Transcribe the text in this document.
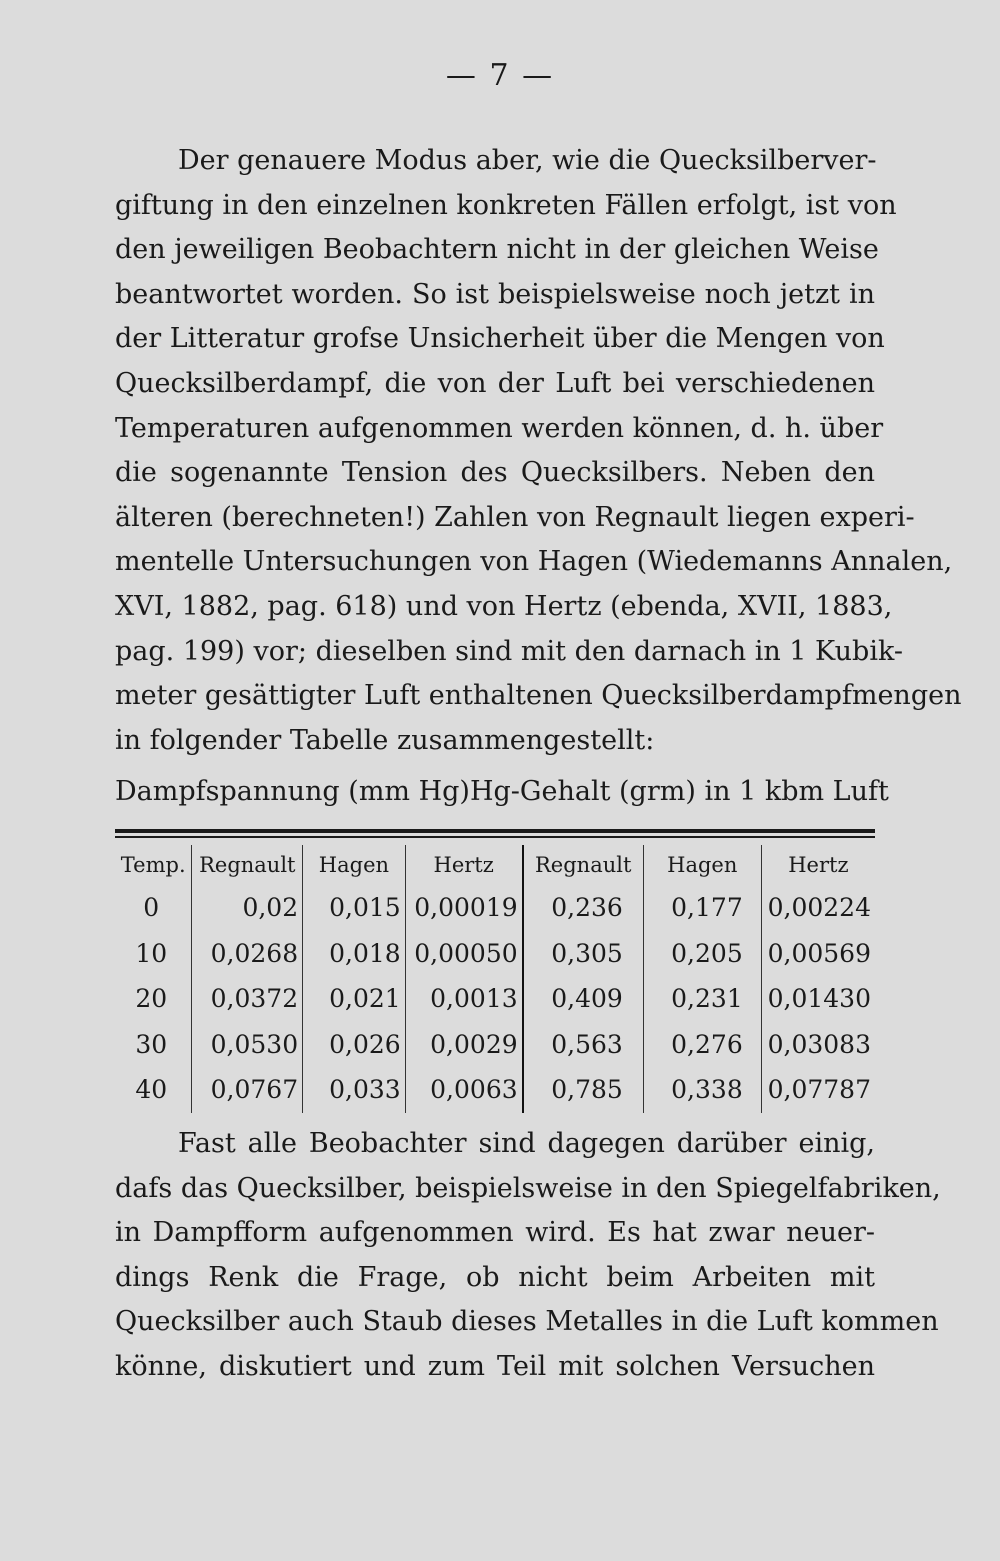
— 7 —
Der genauere Modus aber, wie die Quecksilberver-
giftung in den einzelnen konkreten Fällen erfolgt, ist von
den jeweiligen Beobachtern nicht in der gleichen Weise
beantwortet worden. So ist beispielsweise noch jetzt in
der Litteratur grofse Unsicherheit über die Mengen von
Quecksilberdampf, die von der Luft bei verschiedenen
Temperaturen aufgenommen werden können, d. h. über
die sogenannte Tension des Quecksilbers. Neben den
älteren (berechneten!) Zahlen von Regnault liegen experi-
mentelle Untersuchungen von Hagen (Wiedemanns Annalen,
XVI, 1882, pag. 618) und von Hertz (ebenda, XVII, 1883,
pag. 199) vor; dieselben sind mit den darnach in 1 Kubik-
meter gesättigter Luft enthaltenen Quecksilberdampfmengen
in folgender Tabelle zusammengestellt:
Dampfspannung (mm Hg) Hg-Gehalt (grm) in 1 kbm Luft
Temp.	Regnault	Hagen	Hertz	Regnault	Hagen	Hertz
0	0,02	0,015	0,00019	0,236	0,177	0,00224
10	0,0268	0,018	0,00050	0,305	0,205	0,00569
20	0,0372	0,021	0,0013	0,409	0,231	0,01430
30	0,0530	0,026	0,0029	0,563	0,276	0,03083
40	0,0767	0,033	0,0063	0,785	0,338	0,07787
Fast alle Beobachter sind dagegen darüber einig,
dafs das Quecksilber, beispielsweise in den Spiegelfabriken,
in Dampfform aufgenommen wird. Es hat zwar neuer-
dings Renk die Frage, ob nicht beim Arbeiten mit
Quecksilber auch Staub dieses Metalles in die Luft kommen
könne, diskutiert und zum Teil mit solchen Versuchen
